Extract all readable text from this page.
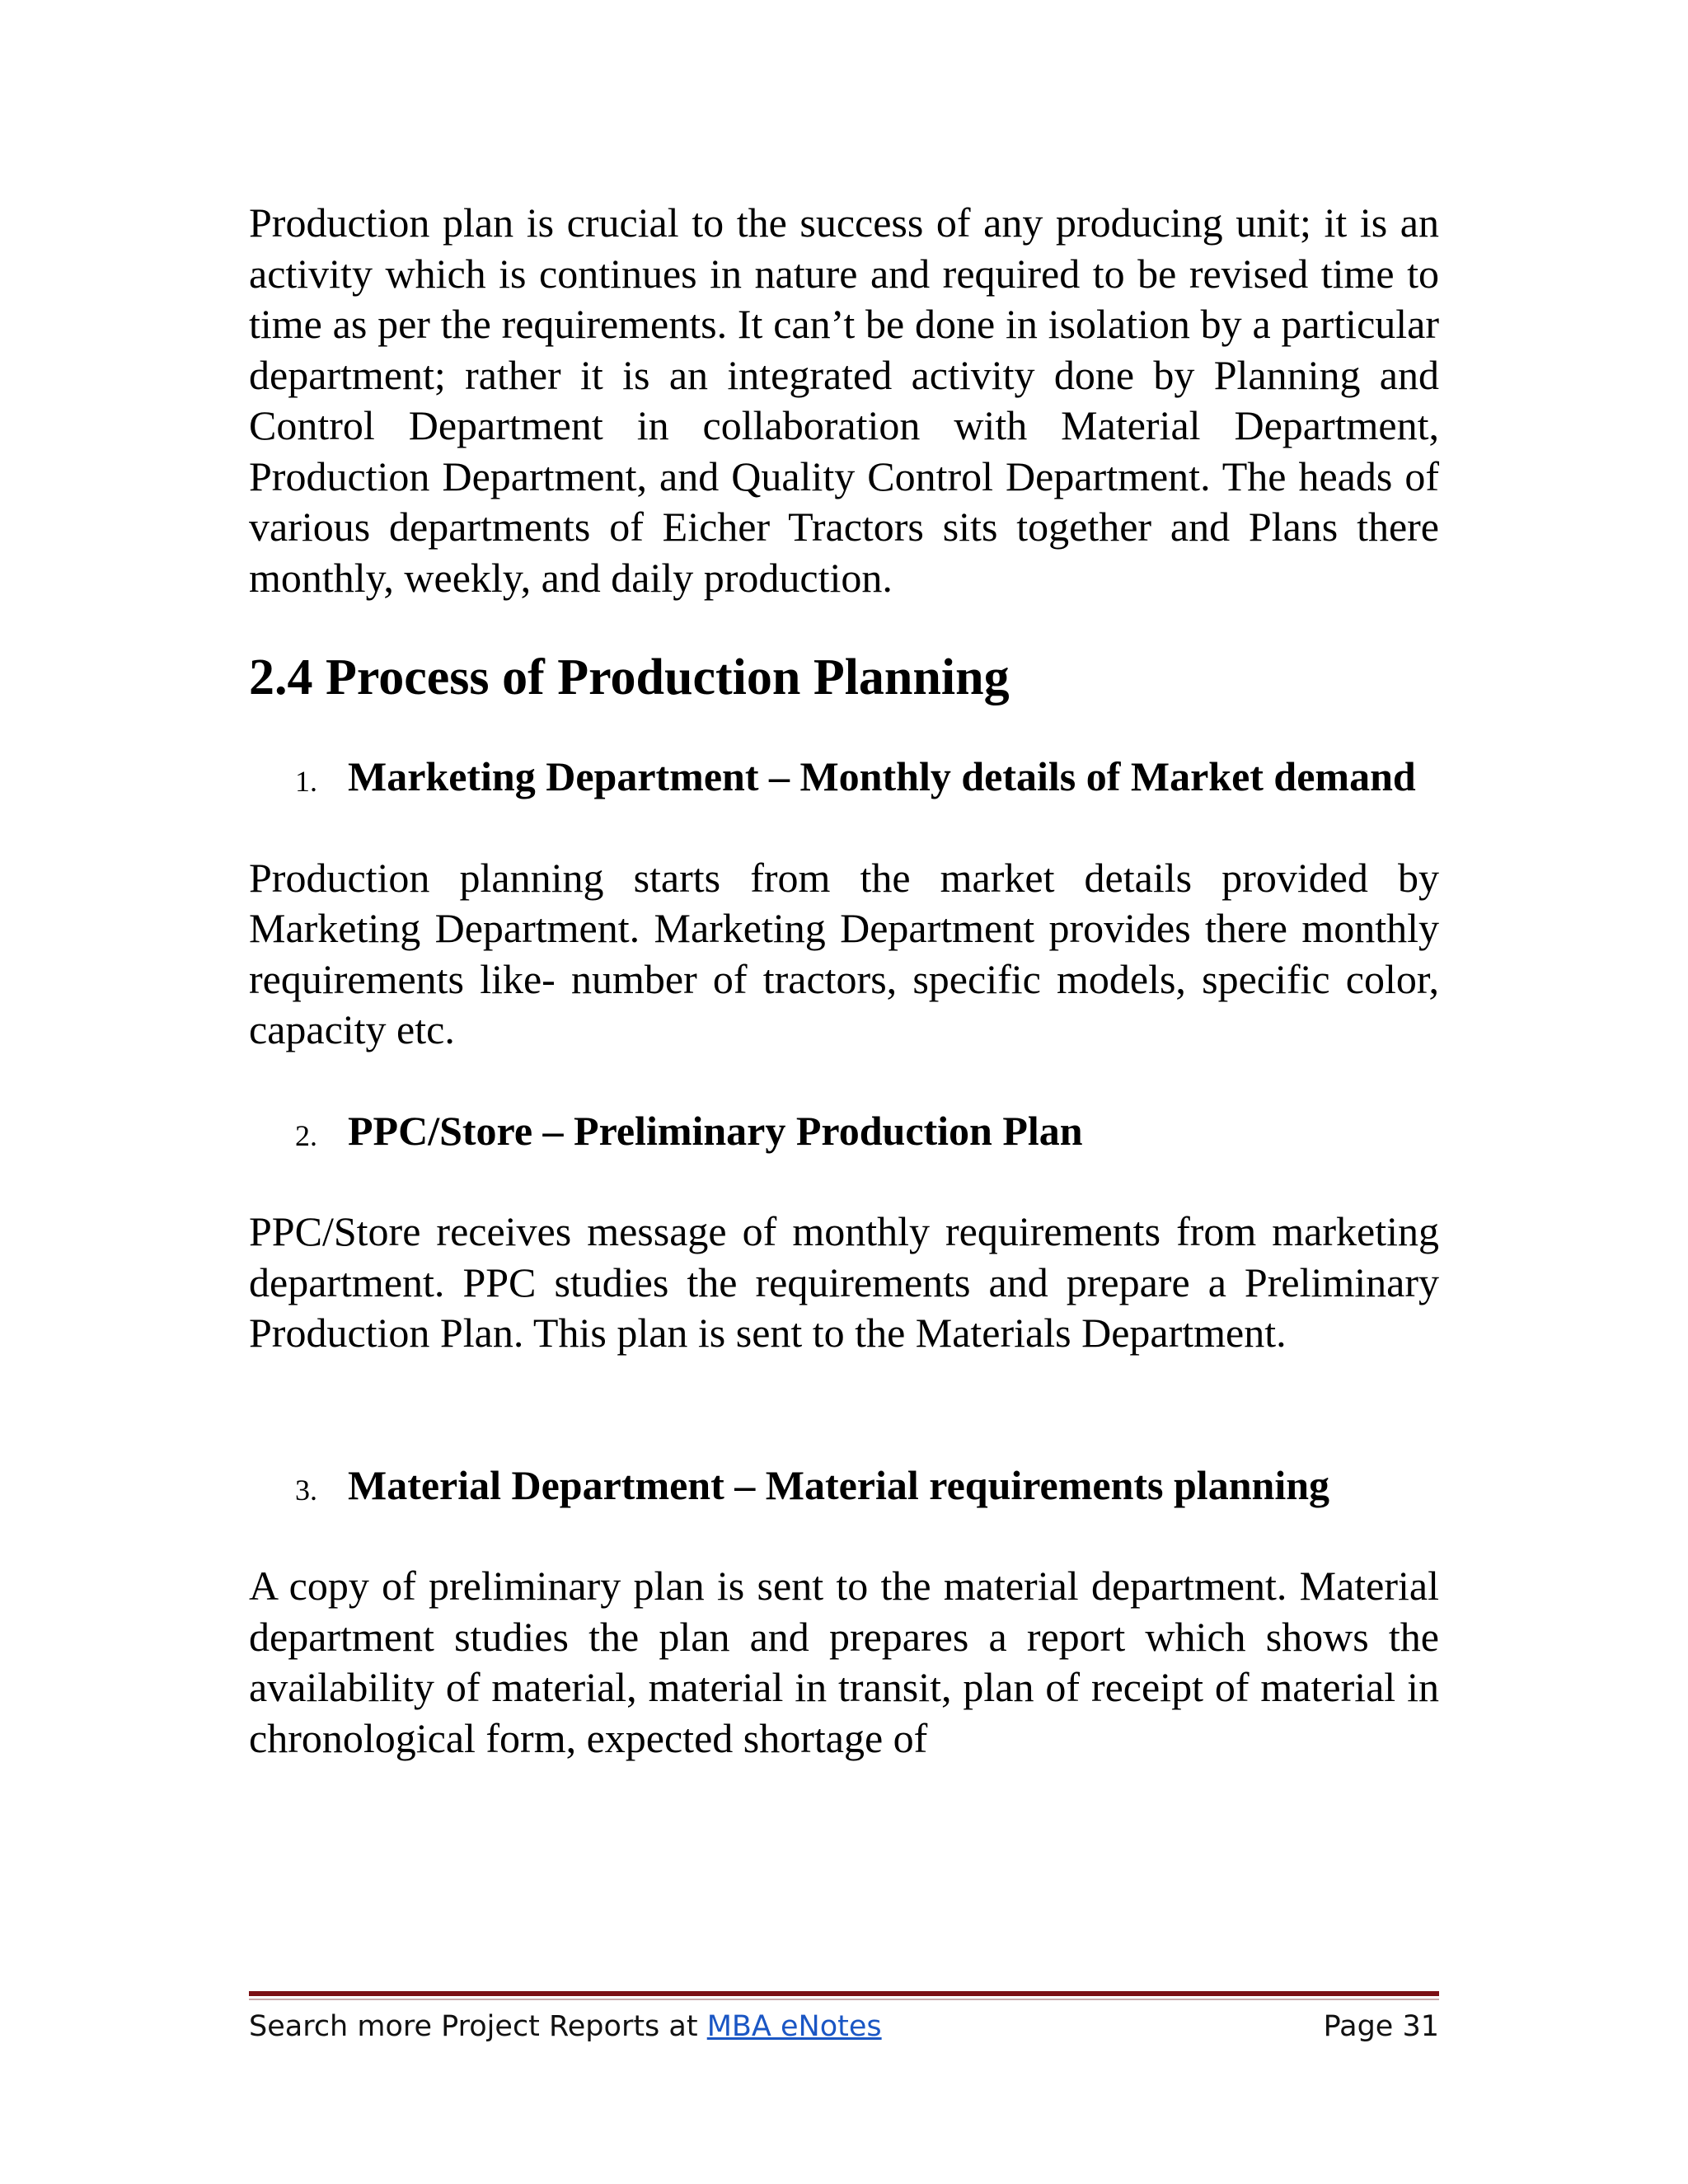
Production plan is crucial to the success of any producing unit; it is an activity which is continues in nature and required to be revised time to time as per the requirements. It can’t be done in isolation by a particular department; rather it is an integrated activity done by Planning and Control Department in collaboration with Material Department, Production Department, and Quality Control Department. The heads of various departments of Eicher Tractors sits together and Plans there monthly, weekly, and daily production.

2.4 Process of Production Planning
1. Marketing Department – Monthly details of Market demand

Production planning starts from the market details provided by Marketing Department. Marketing Department provides there monthly requirements like- number of tractors, specific models, specific color, capacity etc.

2. PPC/Store – Preliminary Production Plan

PPC/Store receives message of monthly requirements from marketing department. PPC studies the requirements and prepare a Preliminary Production Plan. This plan is sent to the Materials Department.

3. Material Department – Material requirements planning

A copy of preliminary plan is sent to the material department. Material department studies the plan and prepares a report which shows the availability of material, material in transit, plan of receipt of material in chronological form, expected shortage of

Search more Project Reports at MBA eNotes	Page 31
